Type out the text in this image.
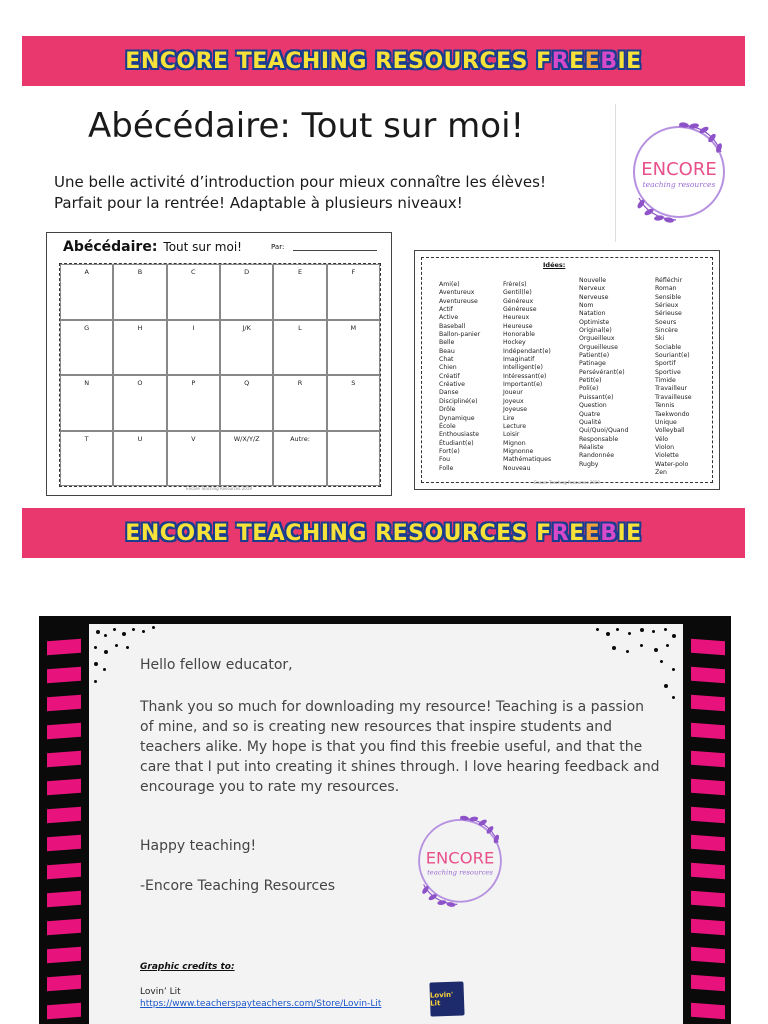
ENCORE TEACHING RESOURCES FREEBIE
Abécédaire: Tout sur moi!
Une belle activité d’introduction pour mieux connaître les élèves!
Parfait pour la rentrée! Adaptable à plusieurs niveaux!
ENCORE
teaching resources
Abécédaire: Tout sur moi!	Par:
A	B	C	D	E	F
G	H	I	J/K	L	M
N	O	P	Q	R	S
T	U	V	W/X/Y/Z	Autre:
Encore Teaching Resources 2019
Idées:
Ami(e)
Aventureux
Aventureuse
Actif
Active
Baseball
Ballon-panier
Belle
Beau
Chat
Chien
Créatif
Créative
Danse
Discipliné(e)
Drôle
Dynamique
École
Enthousiaste
Étudiant(e)
Fort(e)
Fou
Folle
Frère(s)
Gentil(le)
Généreux
Généreuse
Heureux
Heureuse
Honorable
Hockey
Indépendant(e)
Imaginatif
Intelligent(e)
Intéressant(e)
Important(e)
Joueur
Joyeux
Joyeuse
Lire
Lecture
Loisir
Mignon
Mignonne
Mathématiques
Nouveau
Nouvelle
Nerveux
Nerveuse
Nom
Natation
Optimiste
Original(e)
Orgueilleux
Orgueilleuse
Patient(e)
Patinage
Persévérant(e)
Petit(e)
Poli(e)
Puissant(e)
Question
Quatre
Qualité
Qui/Quoi/Quand
Responsable
Réaliste
Randonnée
Rugby
Réfléchir
Roman
Sensible
Sérieux
Sérieuse
Soeurs
Sincère
Ski
Sociable
Souriant(e)
Sportif
Sportive
Timide
Travailleur
Travailleuse
Tennis
Taekwondo
Unique
Volleyball
Vélo
Violon
Violette
Water-polo
Zen
Encore Teaching Resources 2019
ENCORE TEACHING RESOURCES FREEBIE
Hello fellow educator,
Thank you so much for downloading my resource! Teaching is a passion of mine, and so is creating new resources that inspire students and teachers alike. My hope is that you find this freebie useful, and that the care that I put into creating it shines through. I love hearing feedback and encourage you to rate my resources.
Happy teaching!
-Encore Teaching Resources
ENCORE
teaching resources
Graphic credits to:
Lovin’ Lit
https://www.teacherspayteachers.com/Store/Lovin-Lit
Lovin' Lit
